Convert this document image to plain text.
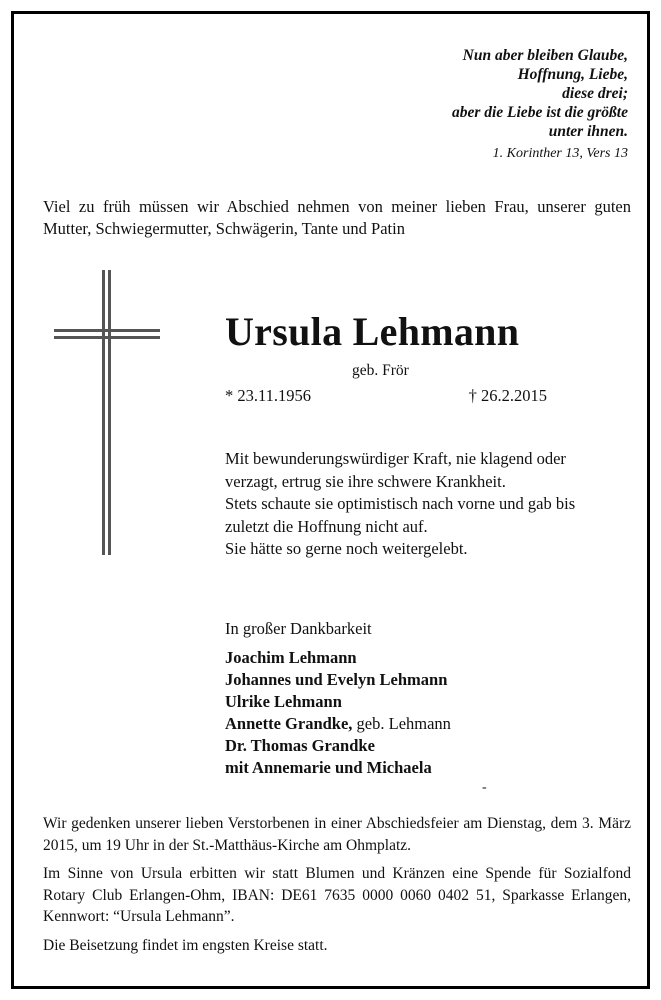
Nun aber bleiben Glaube,
Hoffnung, Liebe,
diese drei;
aber die Liebe ist die größte
unter ihnen.
1. Korinther 13, Vers 13

Viel zu früh müssen wir Abschied nehmen von meiner lieben Frau, unserer guten Mutter, Schwiegermutter, Schwägerin, Tante und Patin

Ursula Lehmann
geb. Frör
* 23.11.1956	† 26.2.2015
Mit bewunderungswürdiger Kraft, nie klagend oder
verzagt, ertrug sie ihre schwere Krankheit.
Stets schaute sie optimistisch nach vorne und gab bis
zuletzt die Hoffnung nicht auf.
Sie hätte so gerne noch weitergelebt.
In großer Dankbarkeit
Joachim Lehmann
Johannes und Evelyn Lehmann
Ulrike Lehmann
Annette Grandke, geb. Lehmann
Dr. Thomas Grandke
mit Annemarie und Michaela
-

Wir gedenken unserer lieben Verstorbenen in einer Abschiedsfeier am Dienstag, dem 3. März 2015, um 19 Uhr in der St.-Matthäus-Kirche am Ohmplatz.

Im Sinne von Ursula erbitten wir statt Blumen und Kränzen eine Spende für Sozialfond Rotary Club Erlangen-Ohm, IBAN: DE61 7635 0000 0060 0402 51, Sparkasse Erlangen, Kennwort: “Ursula Lehmann”.

Die Beisetzung findet im engsten Kreise statt.
